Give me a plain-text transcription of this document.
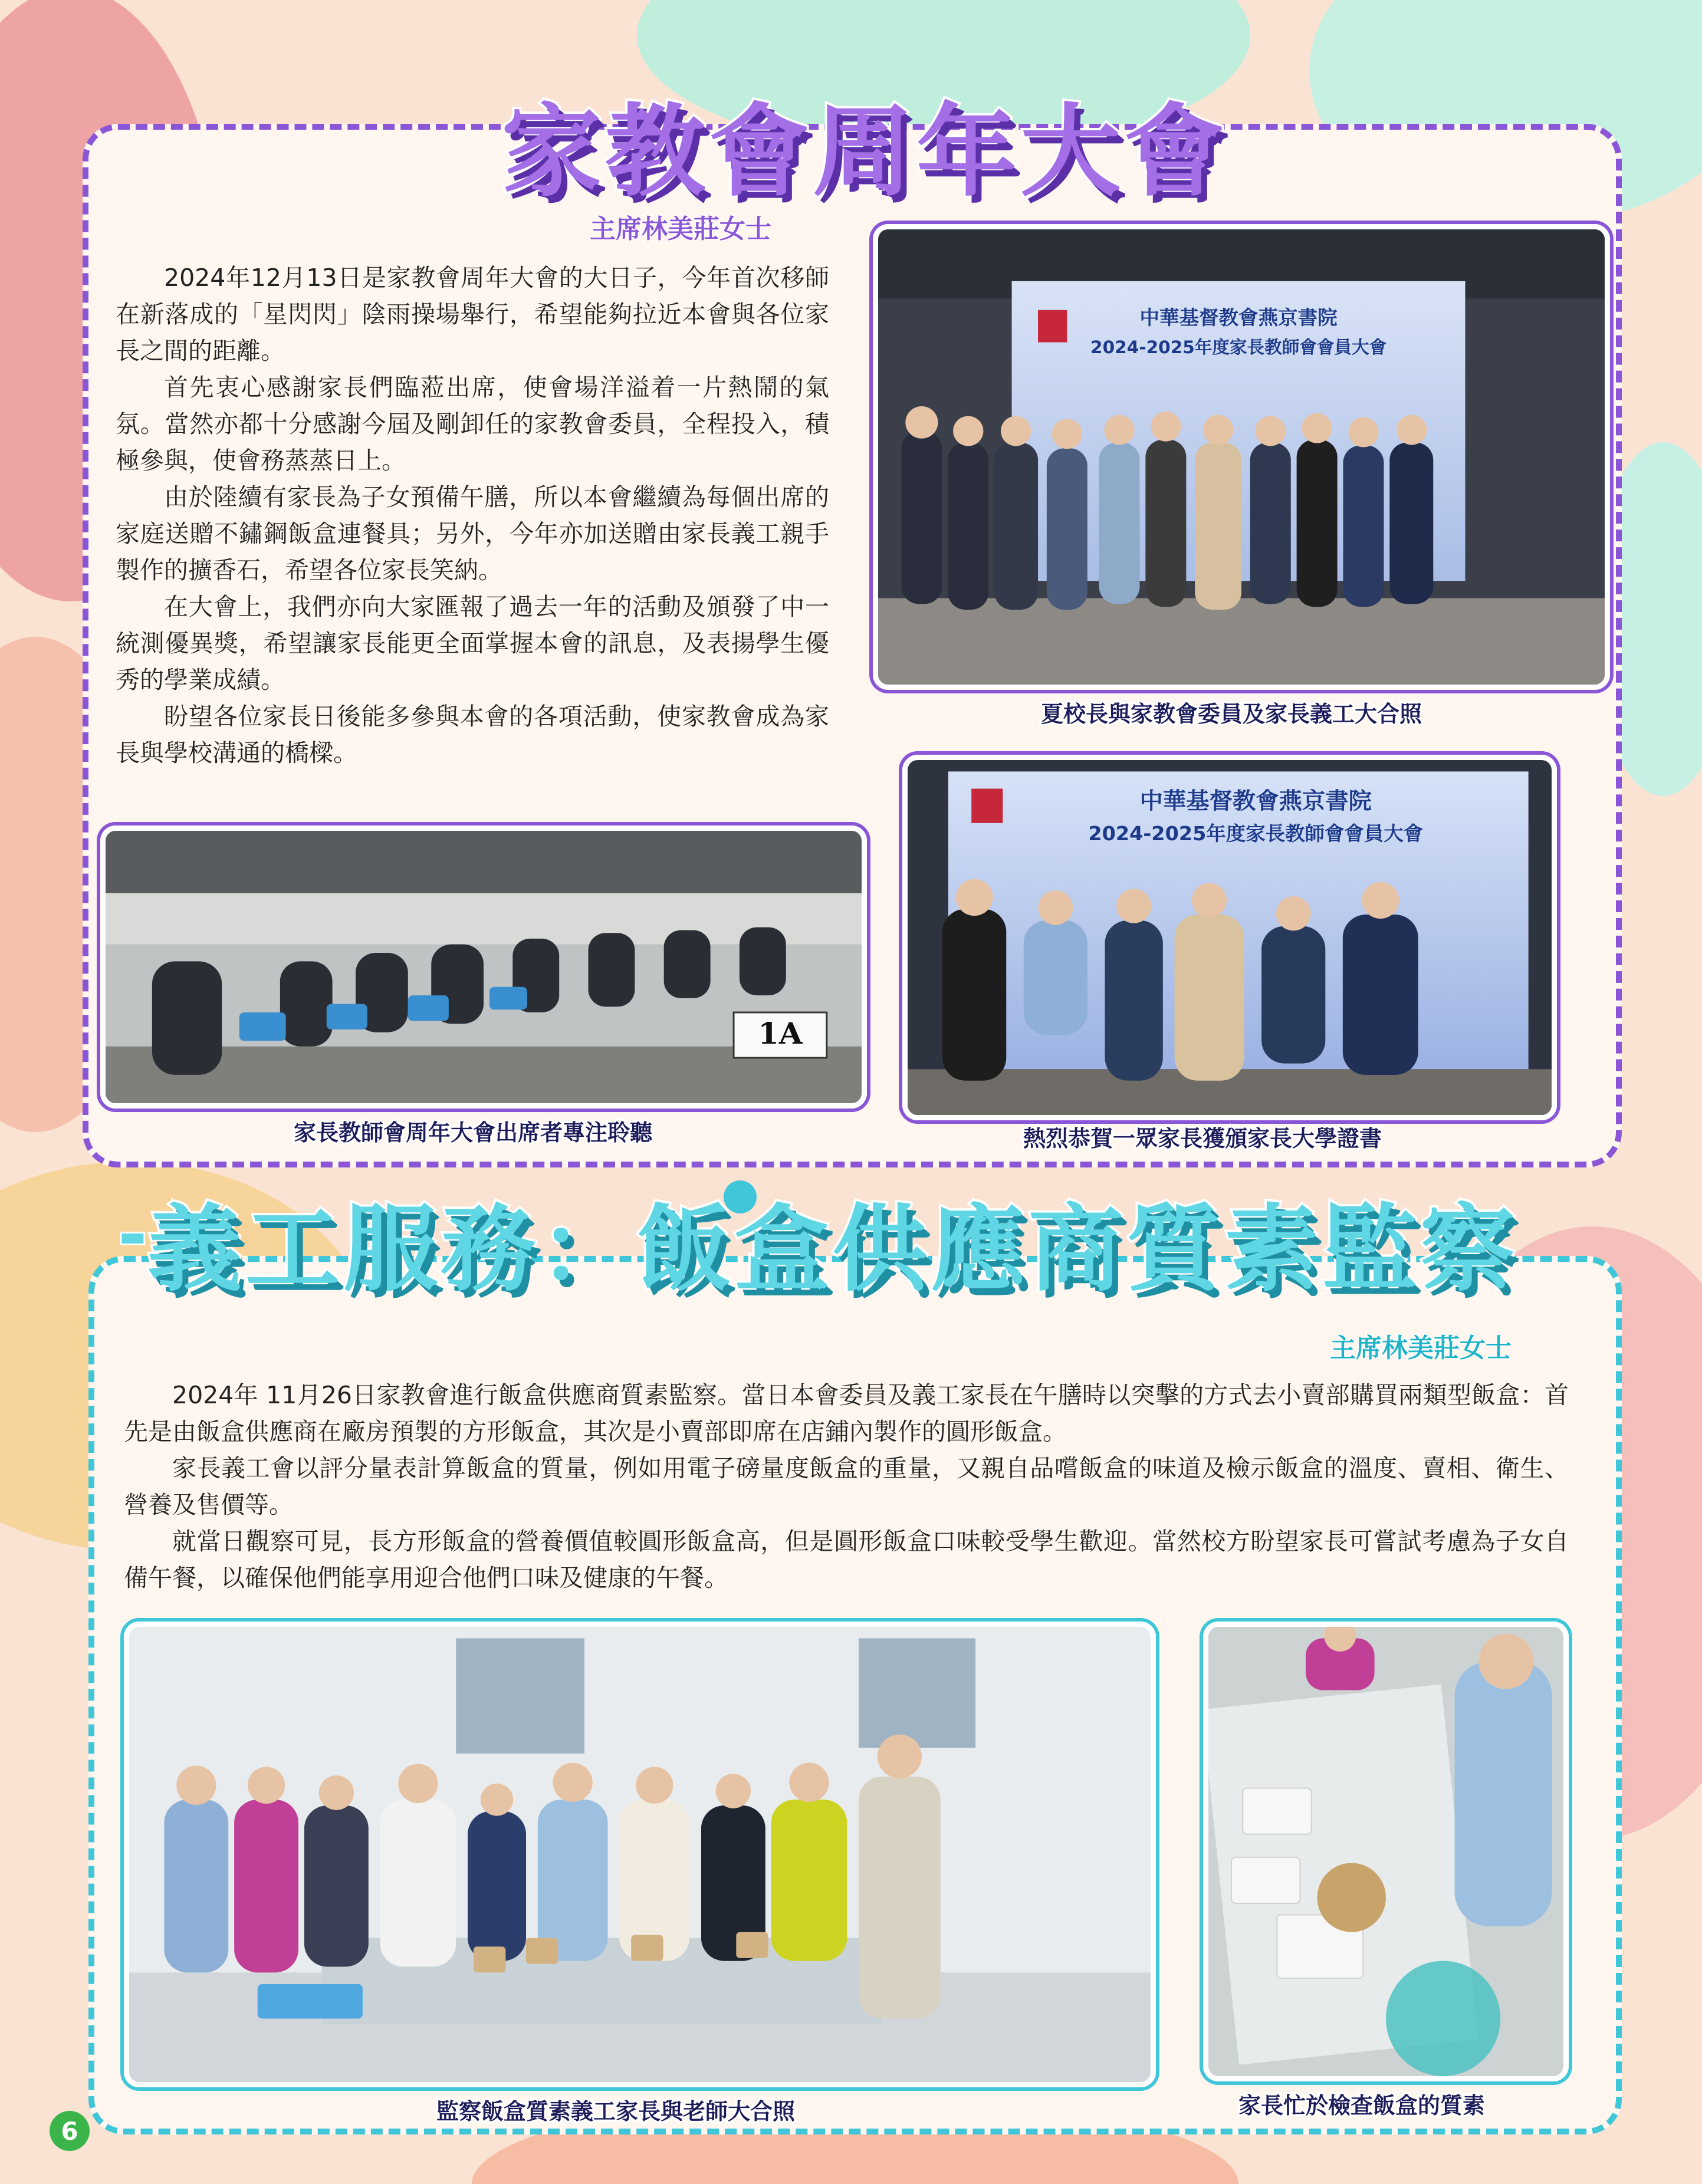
家教會周年大會
主席林美莊女士

2024年12月13日是家教會周年大會的大日子，今年首次移師在新落成的「星閃閃」陰雨操場舉行，希望能夠拉近本會與各位家長之間的距離。

首先衷心感謝家長們臨蒞出席，使會場洋溢着一片熱鬧的氣氛。當然亦都十分感謝今屆及剛卸任的家教會委員，全程投入，積極參與，使會務蒸蒸日上。

由於陸續有家長為子女預備午膳，所以本會繼續為每個出席的家庭送贈不鏽鋼飯盒連餐具；另外，今年亦加送贈由家長義工親手製作的擴香石，希望各位家長笑納。

在大會上，我們亦向大家匯報了過去一年的活動及頒發了中一統測優異獎，希望讓家長能更全面掌握本會的訊息，及表揚學生優秀的學業成績。

盼望各位家長日後能多參與本會的各項活動，使家教會成為家長與學校溝通的橋樑。

中華基督教會燕京書院
2024-2025年度家長教師會會員大會
夏校長與家教會委員及家長義工大合照
1A
家長教師會周年大會出席者專注聆聽
中華基督教會燕京書院
2024-2025年度家長教師會會員大會
熱烈恭賀一眾家長獲頒家長大學證書
- 義工服務：飯盒供應商質素監察
主席林美莊女士

2024年 11月26日家教會進行飯盒供應商質素監察。當日本會委員及義工家長在午膳時以突擊的方式去小賣部購買兩類型飯盒：首先是由飯盒供應商在廠房預製的方形飯盒，其次是小賣部即席在店鋪內製作的圓形飯盒。

家長義工會以評分量表計算飯盒的質量，例如用電子磅量度飯盒的重量，又親自品嚐飯盒的味道及檢示飯盒的溫度、賣相、衛生、營養及售價等。

就當日觀察可見，長方形飯盒的營養價值較圓形飯盒高，但是圓形飯盒口味較受學生歡迎。當然校方盼望家長可嘗試考慮為子女自備午餐，以確保他們能享用迎合他們口味及健康的午餐。

監察飯盒質素義工家長與老師大合照	家長忙於檢查飯盒的質素
6
